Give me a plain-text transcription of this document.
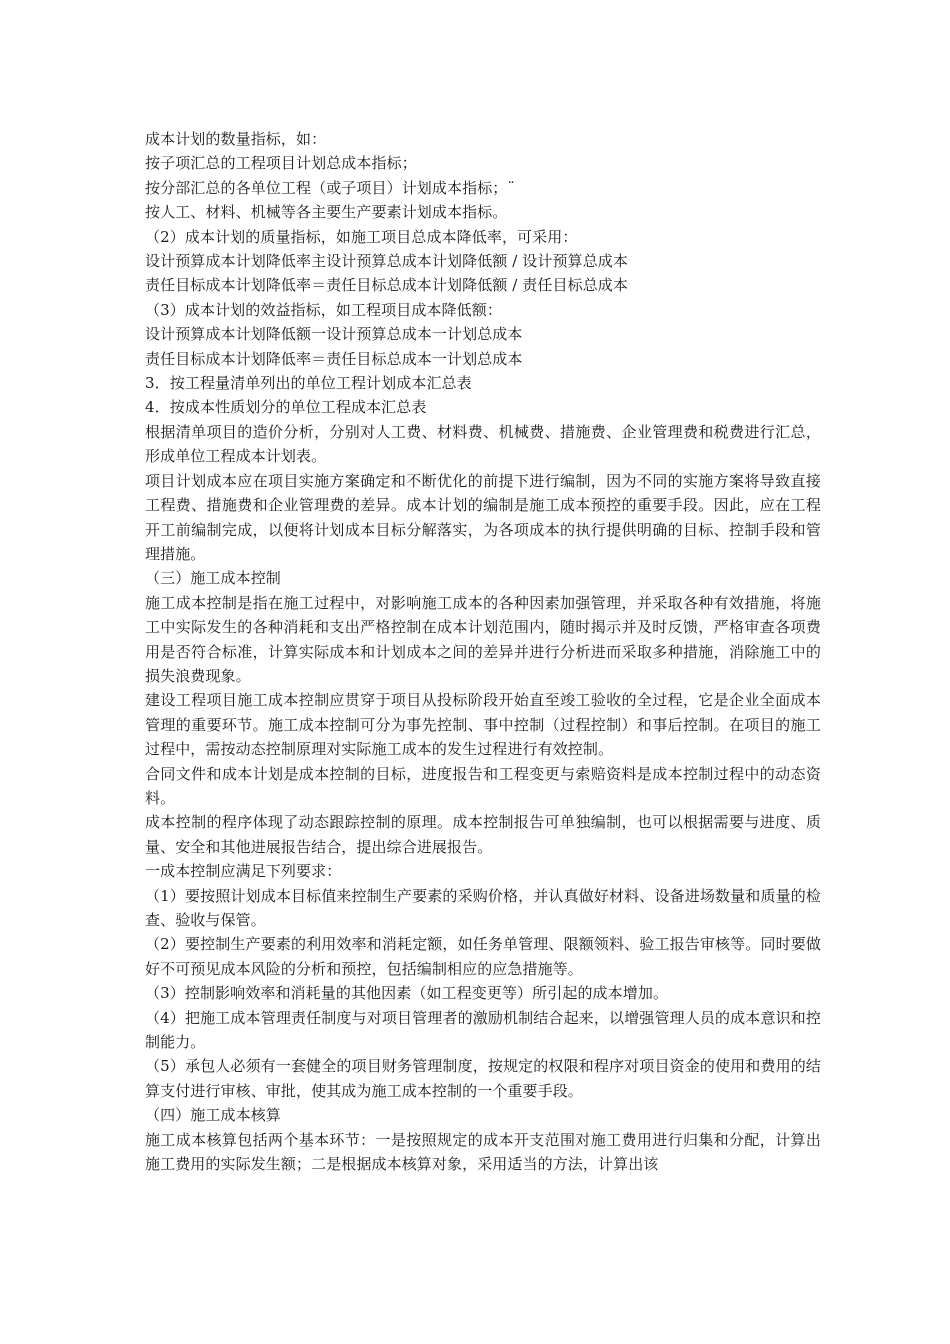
成本计划的数量指标，如：
按子项汇总的工程项目计划总成本指标；
按分部汇总的各单位工程（或子项目）计划成本指标；¨
按人工、材料、机械等各主要生产要素计划成本指标。
（2）成本计划的质量指标，如施工项目总成本降低率，可采用：
设计预算成本计划降低率主设计预算总成本计划降低额 / 设计预算总成本
责任目标成本计划降低率＝责任目标总成本计划降低额 / 责任目标总成本
（3）成本计划的效益指标，如工程项目成本降低额：
设计预算成本计划降低额一设计预算总成本一计划总成本
责任目标成本计划降低率＝责任目标总成本一计划总成本
3．按工程量清单列出的单位工程计划成本汇总表
4．按成本性质划分的单位工程成本汇总表
根据清单项目的造价分析，分别对人工费、材料费、机械费、措施费、企业管理费和税费进行汇总，形成单位工程成本计划表。
项目计划成本应在项目实施方案确定和不断优化的前提下进行编制，因为不同的实施方案将导致直接工程费、措施费和企业管理费的差异。成本计划的编制是施工成本预控的重要手段。因此，应在工程开工前编制完成，以便将计划成本目标分解落实，为各项成本的执行提供明确的目标、控制手段和管理措施。
（三）施工成本控制
施工成本控制是指在施工过程中，对影响施工成本的各种因素加强管理，并采取各种有效措施，将施工中实际发生的各种消耗和支出严格控制在成本计划范围内，随时揭示并及时反馈，严格审查各项费用是否符合标准，计算实际成本和计划成本之间的差异并进行分析进而采取多种措施，消除施工中的损失浪费现象。
建设工程项目施工成本控制应贯穿于项目从投标阶段开始直至竣工验收的全过程，它是企业全面成本管理的重要环节。施工成本控制可分为事先控制、事中控制（过程控制）和事后控制。在项目的施工过程中，需按动态控制原理对实际施工成本的发生过程进行有效控制。
合同文件和成本计划是成本控制的目标，进度报告和工程变更与索赔资料是成本控制过程中的动态资料。
成本控制的程序体现了动态跟踪控制的原理。成本控制报告可单独编制，也可以根据需要与进度、质量、安全和其他进展报告结合，提出综合进展报告。
一成本控制应满足下列要求：
（1）要按照计划成本目标值来控制生产要素的采购价格，并认真做好材料、设备进场数量和质量的检查、验收与保管。
（2）要控制生产要素的利用效率和消耗定额，如任务单管理、限额领料、验工报告审核等。同时要做好不可预见成本风险的分析和预控，包括编制相应的应急措施等。
（3）控制影响效率和消耗量的其他因素（如工程变更等）所引起的成本增加。
（4）把施工成本管理责任制度与对项目管理者的激励机制结合起来，以增强管理人员的成本意识和控制能力。
（5）承包人必须有一套健全的项目财务管理制度，按规定的权限和程序对项目资金的使用和费用的结算支付进行审核、审批，使其成为施工成本控制的一个重要手段。
（四）施工成本核算
施工成本核算包括两个基本环节：一是按照规定的成本开支范围对施工费用进行归集和分配，计算出施工费用的实际发生额；二是根据成本核算对象，采用适当的方法，计算出该
